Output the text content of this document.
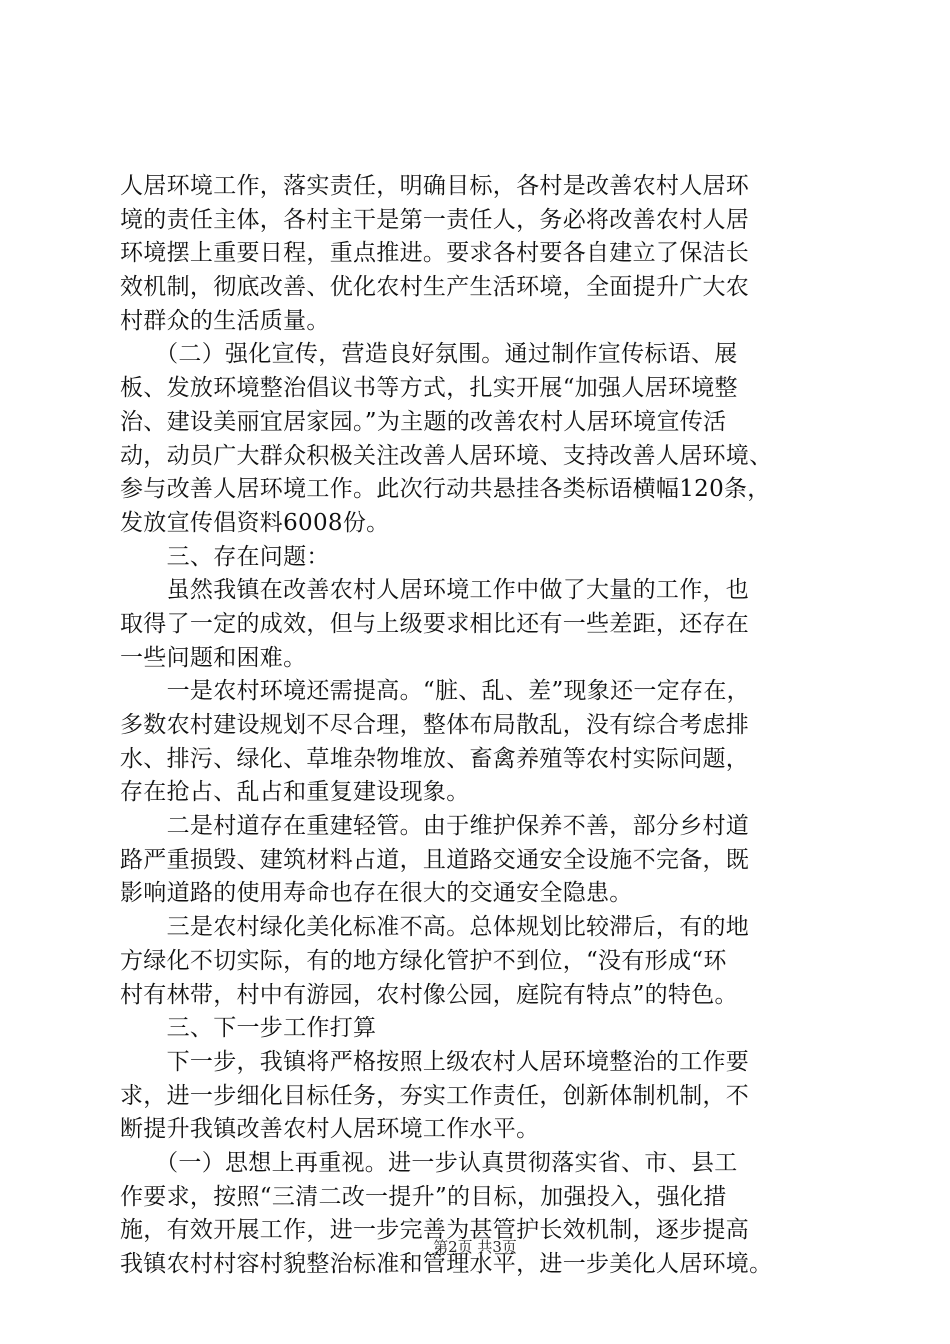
人居环境工作，落实责任，明确目标，各村是改善农村人居环
境的责任主体，各村主干是第一责任人，务必将改善农村人居
环境摆上重要日程，重点推进。要求各村要各自建立了保洁长
效机制，彻底改善、优化农村生产生活环境，全面提升广大农
村群众的生活质量。
　　（二）强化宣传，营造良好氛围。通过制作宣传标语、展
板、发放环境整治倡议书等方式，扎实开展“加强人居环境整
治、建设美丽宜居家园。”为主题的改善农村人居环境宣传活
动，动员广大群众积极关注改善人居环境、支持改善人居环境、
参与改善人居环境工作。此次行动共悬挂各类标语横幅120条，
发放宣传倡资料6008份。
　　三、存在问题：
　　虽然我镇在改善农村人居环境工作中做了大量的工作，也
取得了一定的成效，但与上级要求相比还有一些差距，还存在
一些问题和困难。
　　一是农村环境还需提高。“脏、乱、差”现象还一定存在，
多数农村建设规划不尽合理，整体布局散乱，没有综合考虑排
水、排污、绿化、草堆杂物堆放、畜禽养殖等农村实际问题，
存在抢占、乱占和重复建设现象。
　　二是村道存在重建轻管。由于维护保养不善，部分乡村道
路严重损毁、建筑材料占道，且道路交通安全设施不完备，既
影响道路的使用寿命也存在很大的交通安全隐患。
　　三是农村绿化美化标准不高。总体规划比较滞后，有的地
方绿化不切实际，有的地方绿化管护不到位，“没有形成“环
村有林带，村中有游园，农村像公园，庭院有特点”的特色。
　　三、下一步工作打算
　　下一步，我镇将严格按照上级农村人居环境整治的工作要
求，进一步细化目标任务，夯实工作责任，创新体制机制，不
断提升我镇改善农村人居环境工作水平。
　　（一）思想上再重视。进一步认真贯彻落实省、市、县工
作要求，按照“三清二改一提升”的目标，加强投入，强化措
施，有效开展工作，进一步完善为甚管护长效机制，逐步提高
我镇农村村容村貌整治标准和管理水平，进一步美化人居环境。
第2页 共3页
